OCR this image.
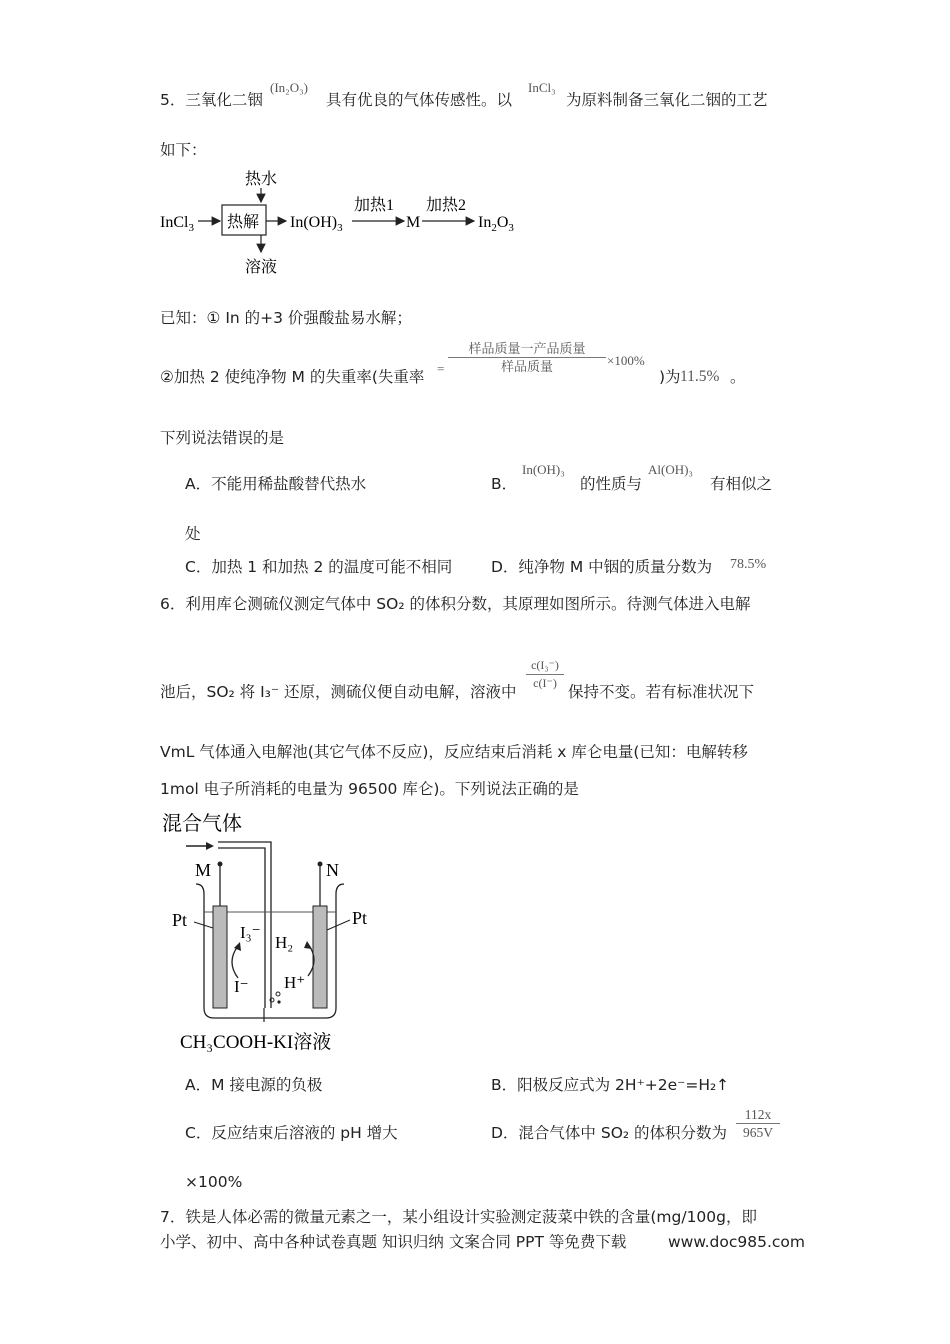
5．三氧化二铟
(In₂O₃)
具有优良的气体传感性。以
InCl₃
为原料制备三氧化二铟的工艺
如下：
InCl$_3$
热水
热解
溶液
$In(OH)_3$
加热1
M
加热2
$In_2O_3$
已知：① In 的+3 价强酸盐易水解；
②加热 2 使纯净物 M 的失重率(失重率 =
样品质量一产品质量
样品质量	×100%
)为 11.5% 。
下列说法错误的是
A．不能用稀盐酸替代热水	B．
In(OH)₃
的性质与
Al(OH)₃
有相似之
处
C．加热 1 和加热 2 的温度可能不相同 D．纯净物 M 中铟的质量分数为 78.5%
6．利用库仑测硫仪测定气体中 SO₂ 的体积分数，其原理如图所示。待测气体进入电解
$\frac{\text{c(I₃⁻)}}{c(I^-)}$
池后，SO₂ 将 I₃⁻ 还原，测硫仪便自动电解，溶液中	保持不变。若有标准状况下
VmL 气体通入电解池(其它气体不反应)，反应结束后消耗 x 库仑电量(已知：电解转移
1mol 电子所消耗的电量为 96500 库仑)。下列说法正确的是
混合气体
M	N
Pt	Pt
I₃⁻
I⁻
H₂
H⁺
CH₃COOH-KI溶液
A．M 接电源的负极	B．阳极反应式为 2H⁺+2e⁻=H₂↑
C．反应结束后溶液的 pH 增大	D．混合气体中 SO₂ 的体积分数为 $\frac{112x}{965V}$
×100%
7．铁是人体必需的微量元素之一，某小组设计实验测定菠菜中铁的含量(mg/100g，即
小学、初中、高中各种试卷真题 知识归纳 文案合同 PPT 等免费下载	www.doc985.com
